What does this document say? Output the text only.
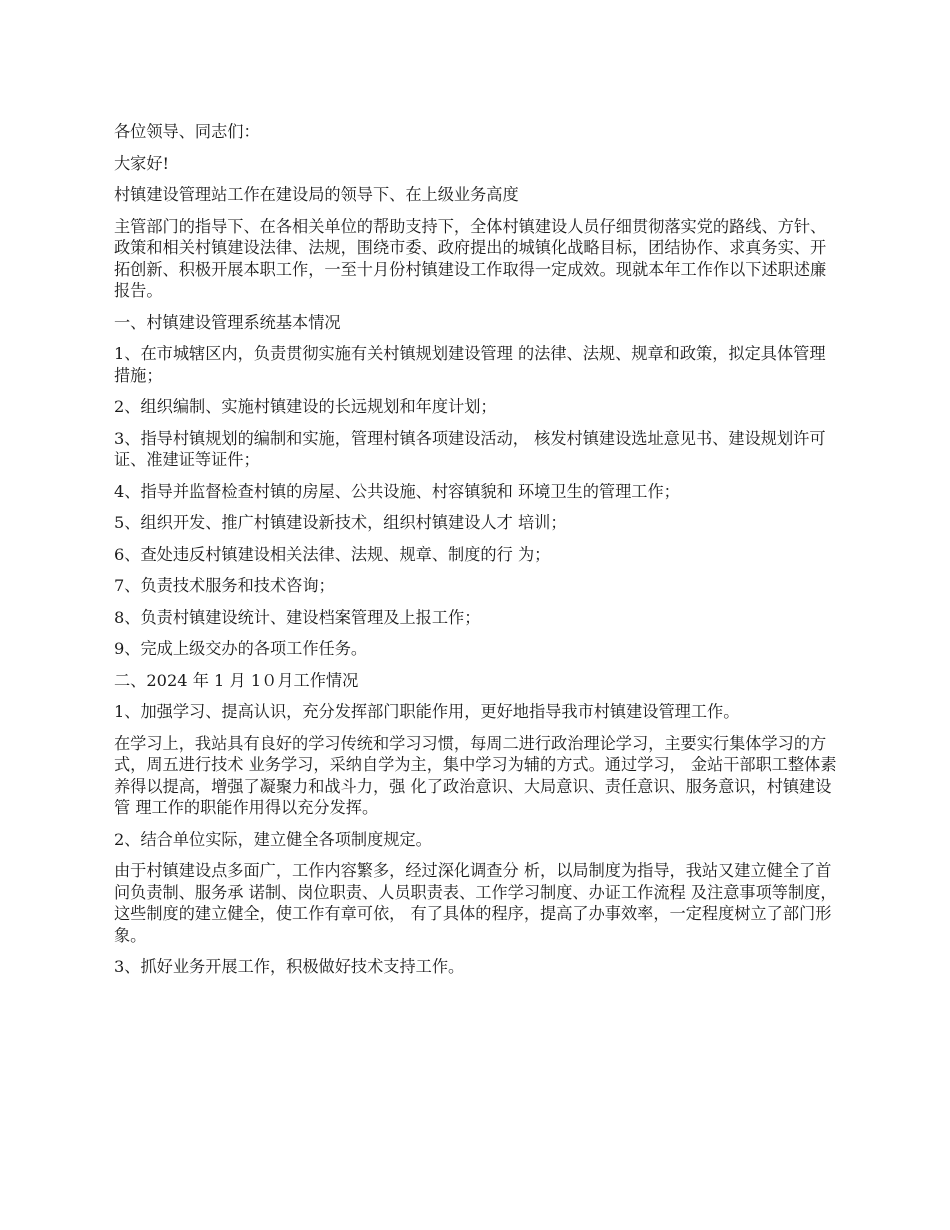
各位领导、同志们：

大家好!

村镇建设管理站工作在建设局的领导下、在上级业务高度

主管部门的指导下、在各相关单位的帮助支持下，全体村镇建设人员仔细贯彻落实党的路线、方针、政策和相关村镇建设法律、法规，围绕市委、政府提出的城镇化战略目标，团结协作、求真务实、开拓创新、积极开展本职工作，一至十月份村镇建设工作取得一定成效。现就本年工作作以下述职述廉报告。

一、村镇建设管理系统基本情况

1、在市城辖区内，负责贯彻实施有关村镇规划建设管理 的法律、法规、规章和政策，拟定具体管理措施；

2、组织编制、实施村镇建设的长远规划和年度计划；

3、指导村镇规划的编制和实施，管理村镇各项建设活动， 核发村镇建设选址意见书、建设规划许可证、准建证等证件；

4、指导并监督检查村镇的房屋、公共设施、村容镇貌和 环境卫生的管理工作；

5、组织开发、推广村镇建设新技术，组织村镇建设人才 培训；

6、查处违反村镇建设相关法律、法规、规章、制度的行 为；

7、负责技术服务和技术咨询；

8、负责村镇建设统计、建设档案管理及上报工作；

9、完成上级交办的各项工作任务。

二、2024 年 1 月 1０月工作情况

1、加强学习、提高认识，充分发挥部门职能作用，更好地指导我市村镇建设管理工作。

在学习上，我站具有良好的学习传统和学习习惯，每周二进行政治理论学习，主要实行集体学习的方式，周五进行技术 业务学习，采纳自学为主，集中学习为辅的方式。通过学习， 金站干部职工整体素养得以提高，增强了凝聚力和战斗力，强 化了政治意识、大局意识、责任意识、服务意识，村镇建设管 理工作的职能作用得以充分发挥。

2、结合单位实际，建立健全各项制度规定。

由于村镇建设点多面广，工作内容繁多，经过深化调查分 析，以局制度为指导，我站又建立健全了首问负责制、服务承 诺制、岗位职责、人员职责表、工作学习制度、办证工作流程 及注意事项等制度，这些制度的建立健全，使工作有章可依， 有了具体的程序，提高了办事效率，一定程度树立了部门形象。

3、抓好业务开展工作，积极做好技术支持工作。
